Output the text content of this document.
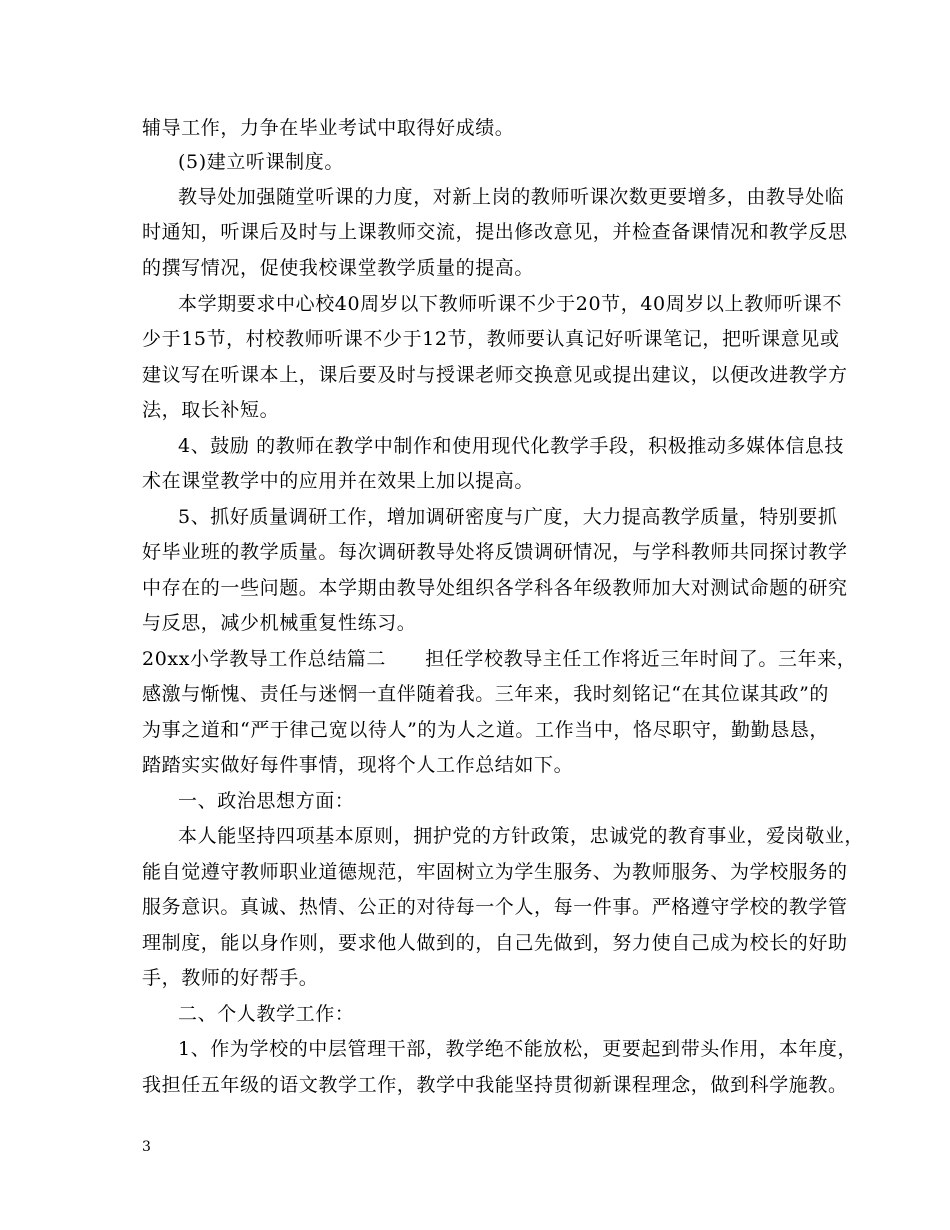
辅导工作，力争在毕业考试中取得好成绩。
(5)建立听课制度。
教导处加强随堂听课的力度，对新上岗的教师听课次数更要增多，由教导处临
时通知，听课后及时与上课教师交流，提出修改意见，并检查备课情况和教学反思
的撰写情况，促使我校课堂教学质量的提高。
本学期要求中心校40周岁以下教师听课不少于20节，40周岁以上教师听课不
少于15节，村校教师听课不少于12节，教师要认真记好听课笔记，把听课意见或
建议写在听课本上，课后要及时与授课老师交换意见或提出建议，以便改进教学方
法，取长补短。
4、鼓励 的教师在教学中制作和使用现代化教学手段，积极推动多媒体信息技
术在课堂教学中的应用并在效果上加以提高。
5、抓好质量调研工作，增加调研密度与广度，大力提高教学质量，特别要抓
好毕业班的教学质量。每次调研教导处将反馈调研情况，与学科教师共同探讨教学
中存在的一些问题。本学期由教导处组织各学科各年级教师加大对测试命题的研究
与反思，减少机械重复性练习。
20xx小学教导工作总结篇二　　担任学校教导主任工作将近三年时间了。三年来，
感激与惭愧、责任与迷惘一直伴随着我。三年来，我时刻铭记“在其位谋其政”的
为事之道和“严于律己宽以待人”的为人之道。工作当中，恪尽职守，勤勤恳恳，
踏踏实实做好每件事情，现将个人工作总结如下。
一、政治思想方面：
本人能坚持四项基本原则，拥护党的方针政策，忠诚党的教育事业，爱岗敬业，
能自觉遵守教师职业道德规范，牢固树立为学生服务、为教师服务、为学校服务的
服务意识。真诚、热情、公正的对待每一个人，每一件事。严格遵守学校的教学管
理制度，能以身作则，要求他人做到的，自己先做到，努力使自己成为校长的好助
手，教师的好帮手。
二、个人教学工作：
1、作为学校的中层管理干部，教学绝不能放松，更要起到带头作用，本年度，
我担任五年级的语文教学工作，教学中我能坚持贯彻新课程理念，做到科学施教。
3
